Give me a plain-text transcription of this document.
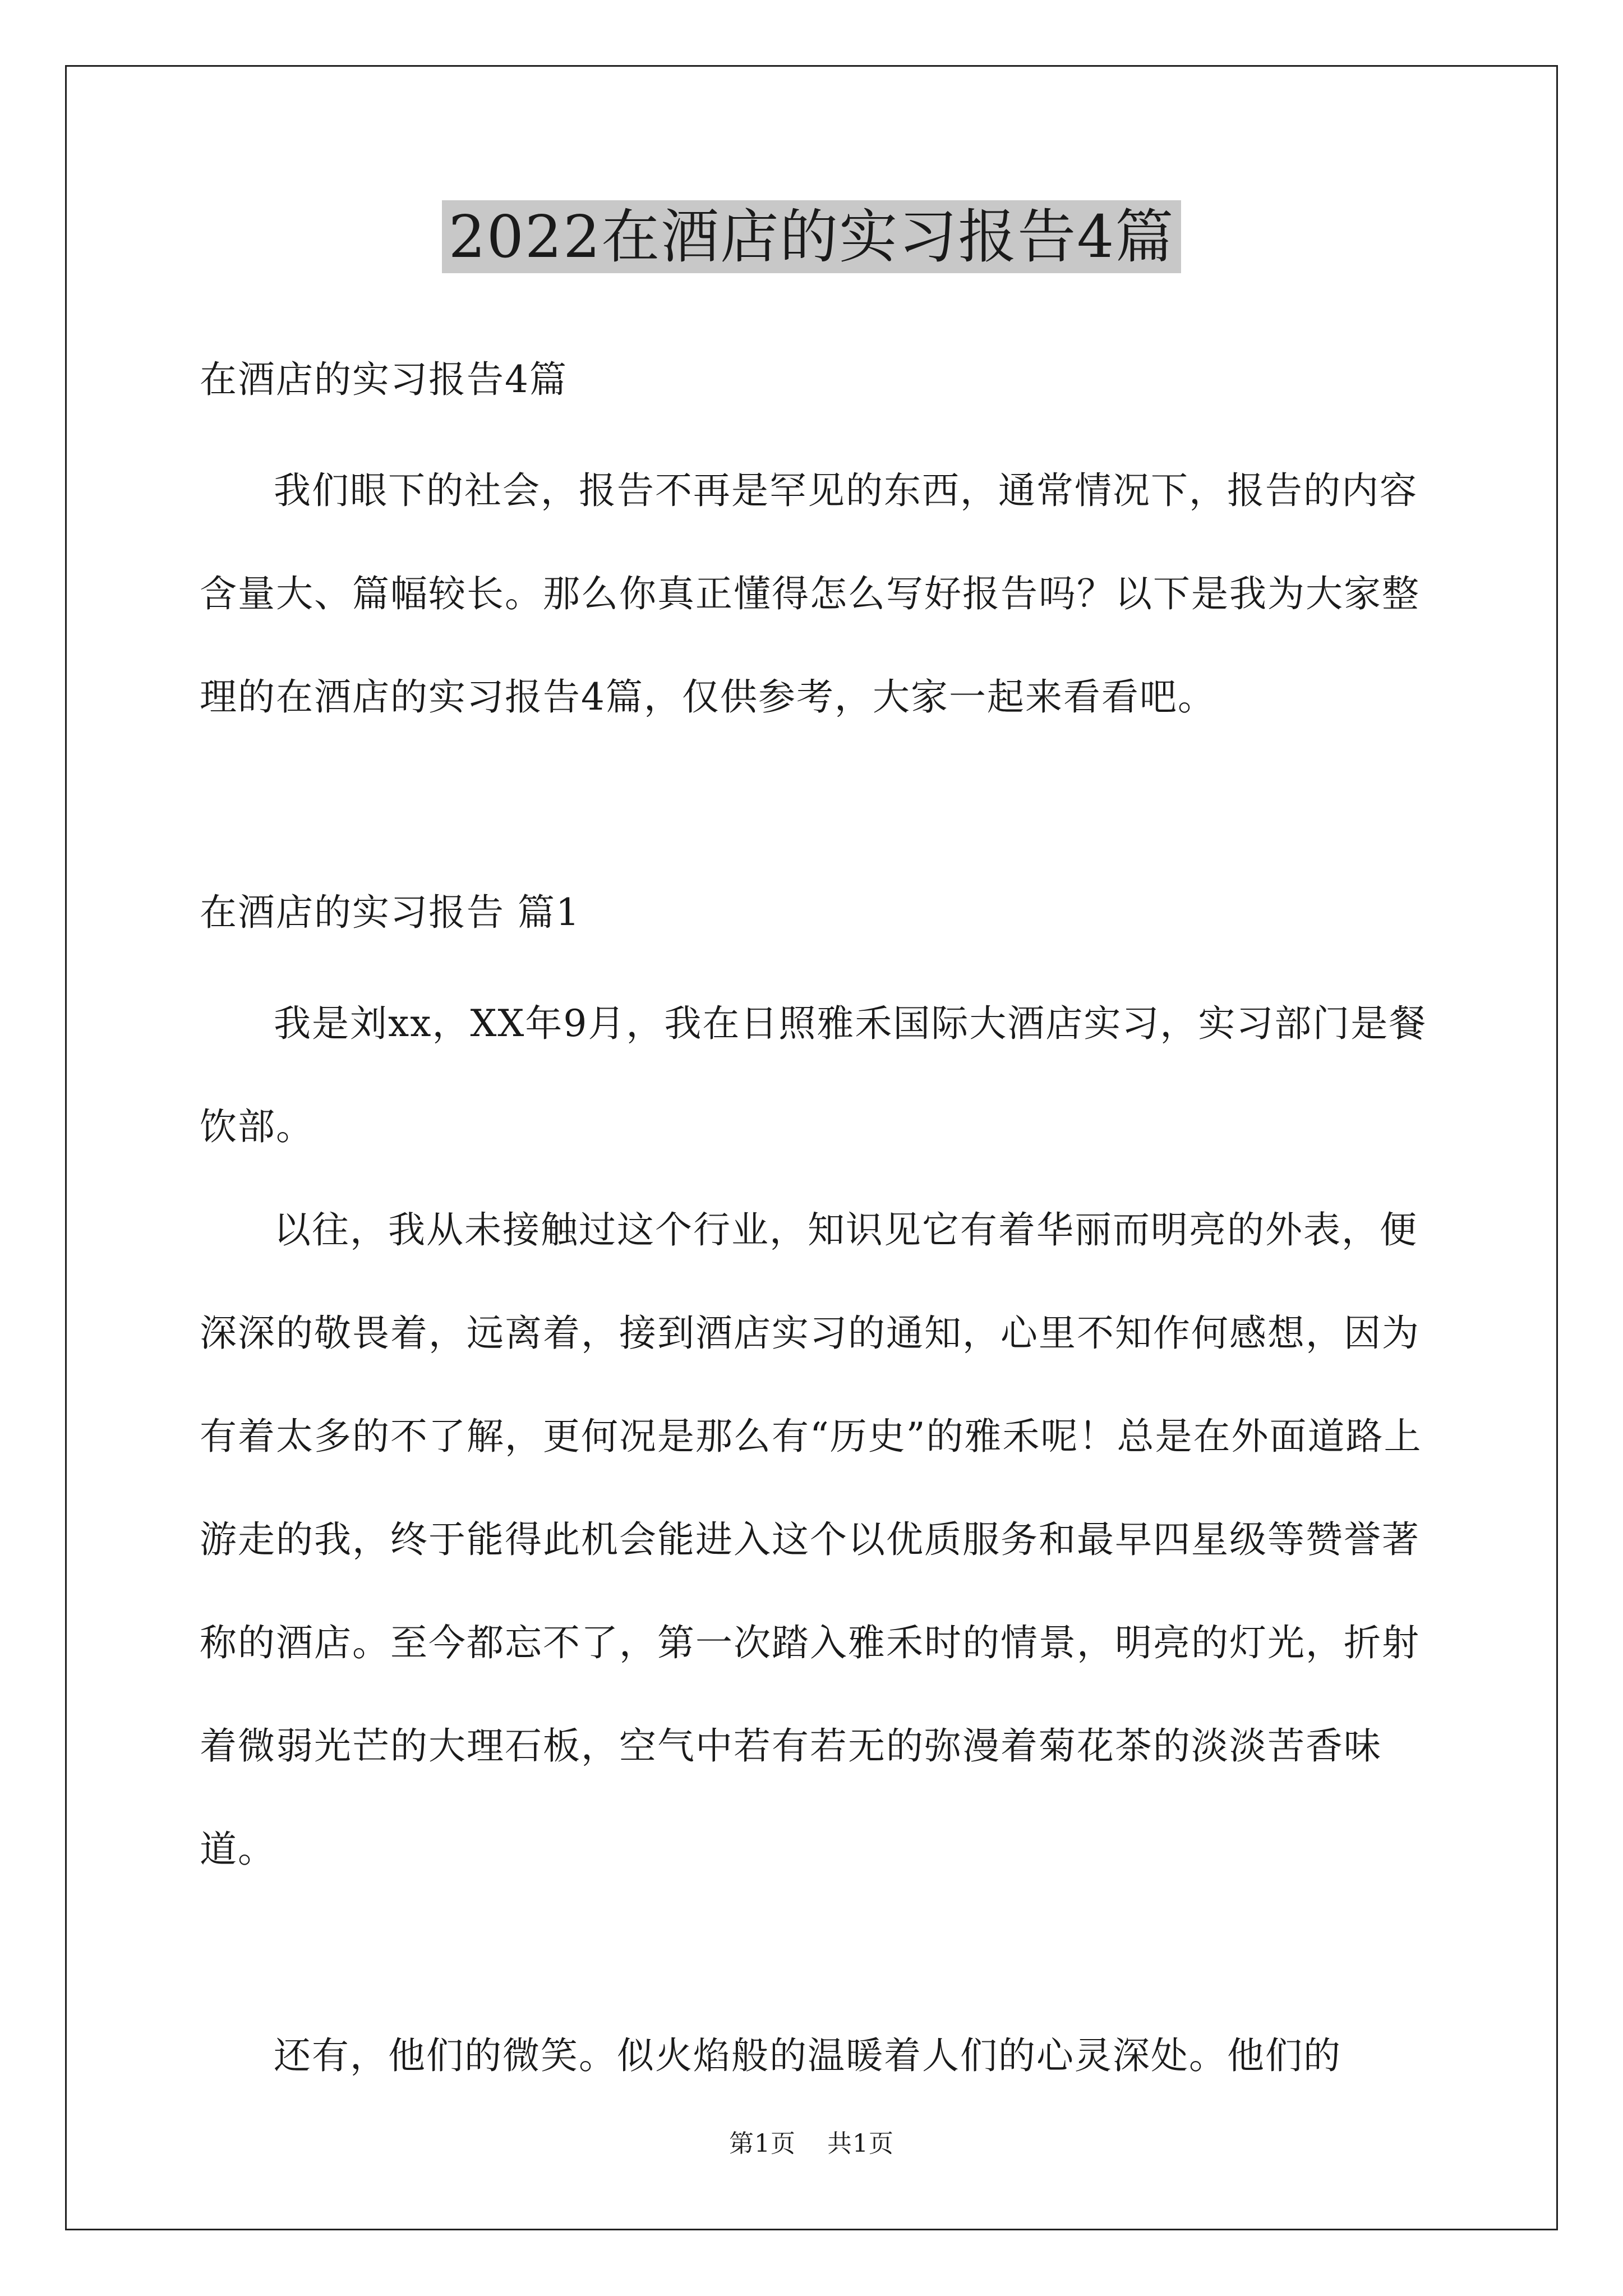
2022在酒店的实习报告4篇

在酒店的实习报告4篇

我们眼下的社会，报告不再是罕见的东西，通常情况下，报告的内容含量大、篇幅较长。那么你真正懂得怎么写好报告吗？以下是我为大家整理的在酒店的实习报告4篇，仅供参考，大家一起来看看吧。

在酒店的实习报告 篇1

我是刘xx，XX年9月，我在日照雅禾国际大酒店实习，实习部门是餐饮部。

以往，我从未接触过这个行业，知识见它有着华丽而明亮的外表，便深深的敬畏着，远离着，接到酒店实习的通知，心里不知作何感想，因为有着太多的不了解，更何况是那么有“历史”的雅禾呢！总是在外面道路上游走的我，终于能得此机会能进入这个以优质服务和最早四星级等赞誉著称的酒店。至今都忘不了，第一次踏入雅禾时的情景，明亮的灯光，折射着微弱光芒的大理石板，空气中若有若无的弥漫着菊花茶的淡淡苦香味道。

还有，他们的微笑。似火焰般的温暖着人们的心灵深处。他们的

第1页 共1页
